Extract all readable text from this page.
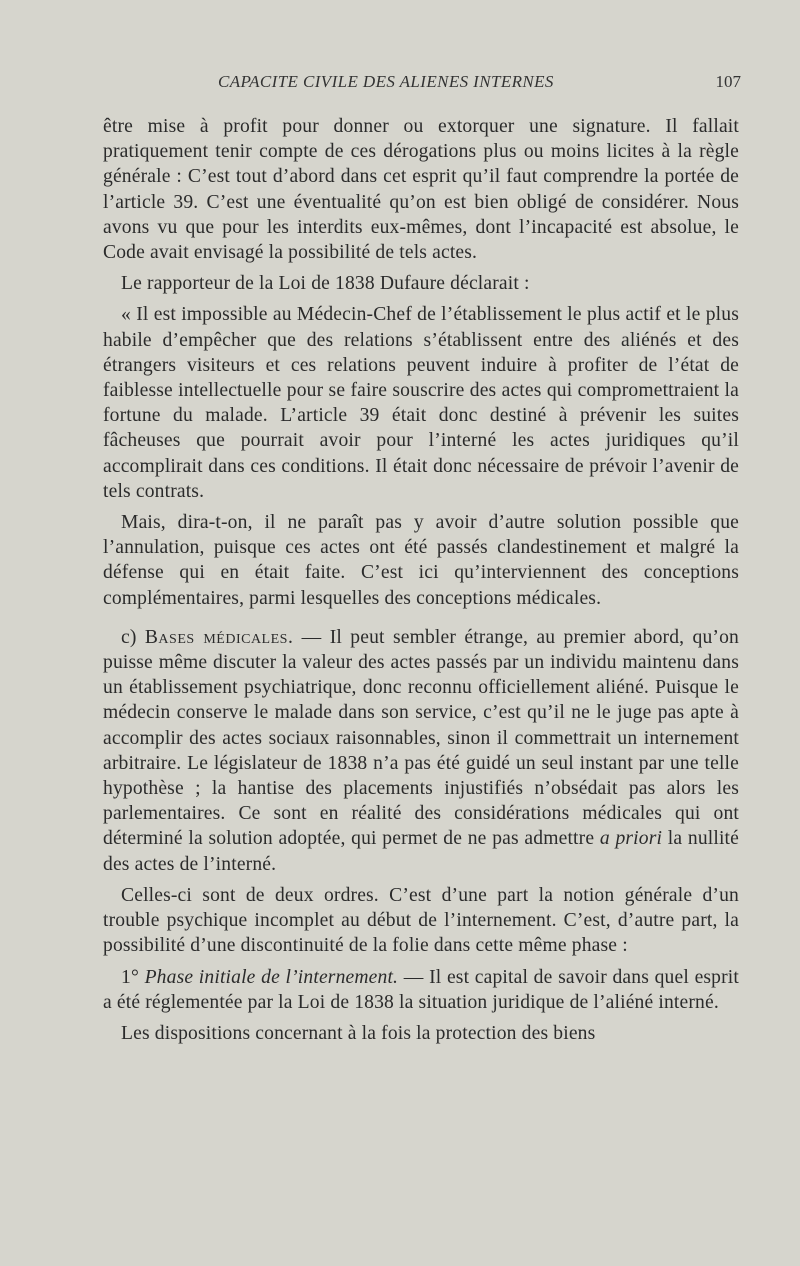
CAPACITE CIVILE DES ALIENES INTERNES	107

être mise à profit pour donner ou extorquer une signature. Il fallait pratiquement tenir compte de ces dérogations plus ou moins licites à la règle générale : C’est tout d’abord dans cet esprit qu’il faut comprendre la portée de l’article 39. C’est une éventualité qu’on est bien obligé de considérer. Nous avons vu que pour les interdits eux-mêmes, dont l’incapacité est absolue, le Code avait envisagé la possibilité de tels actes.

Le rapporteur de la Loi de 1838 Dufaure déclarait :

« Il est impossible au Médecin-Chef de l’établissement le plus actif et le plus habile d’empêcher que des relations s’établissent entre des aliénés et des étrangers visiteurs et ces relations peuvent induire à profiter de l’état de faiblesse intellectuelle pour se faire souscrire des actes qui compromettraient la fortune du malade. L’article 39 était donc destiné à prévenir les suites fâcheuses que pourrait avoir pour l’interné les actes juridiques qu’il accomplirait dans ces conditions. Il était donc nécessaire de prévoir l’avenir de tels contrats.

Mais, dira-t-on, il ne paraît pas y avoir d’autre solution possible que l’annulation, puisque ces actes ont été passés clandestinement et malgré la défense qui en était faite. C’est ici qu’interviennent des conceptions complémentaires, parmi lesquelles des conceptions médicales.

c) Bases médicales. — Il peut sembler étrange, au premier abord, qu’on puisse même discuter la valeur des actes passés par un individu maintenu dans un établissement psychiatrique, donc reconnu officiellement aliéné. Puisque le médecin conserve le malade dans son service, c’est qu’il ne le juge pas apte à accomplir des actes sociaux raisonnables, sinon il commettrait un internement arbitraire. Le législateur de 1838 n’a pas été guidé un seul instant par une telle hypothèse ; la hantise des placements injustifiés n’obsédait pas alors les parlementaires. Ce sont en réalité des considérations médicales qui ont déterminé la solution adoptée, qui permet de ne pas admettre a priori la nullité des actes de l’interné.

Celles-ci sont de deux ordres. C’est d’une part la notion générale d’un trouble psychique incomplet au début de l’internement. C’est, d’autre part, la possibilité d’une discontinuité de la folie dans cette même phase :

1° Phase initiale de l’internement. — Il est capital de savoir dans quel esprit a été réglementée par la Loi de 1838 la situation juridique de l’aliéné interné.

Les dispositions concernant à la fois la protection des biens
